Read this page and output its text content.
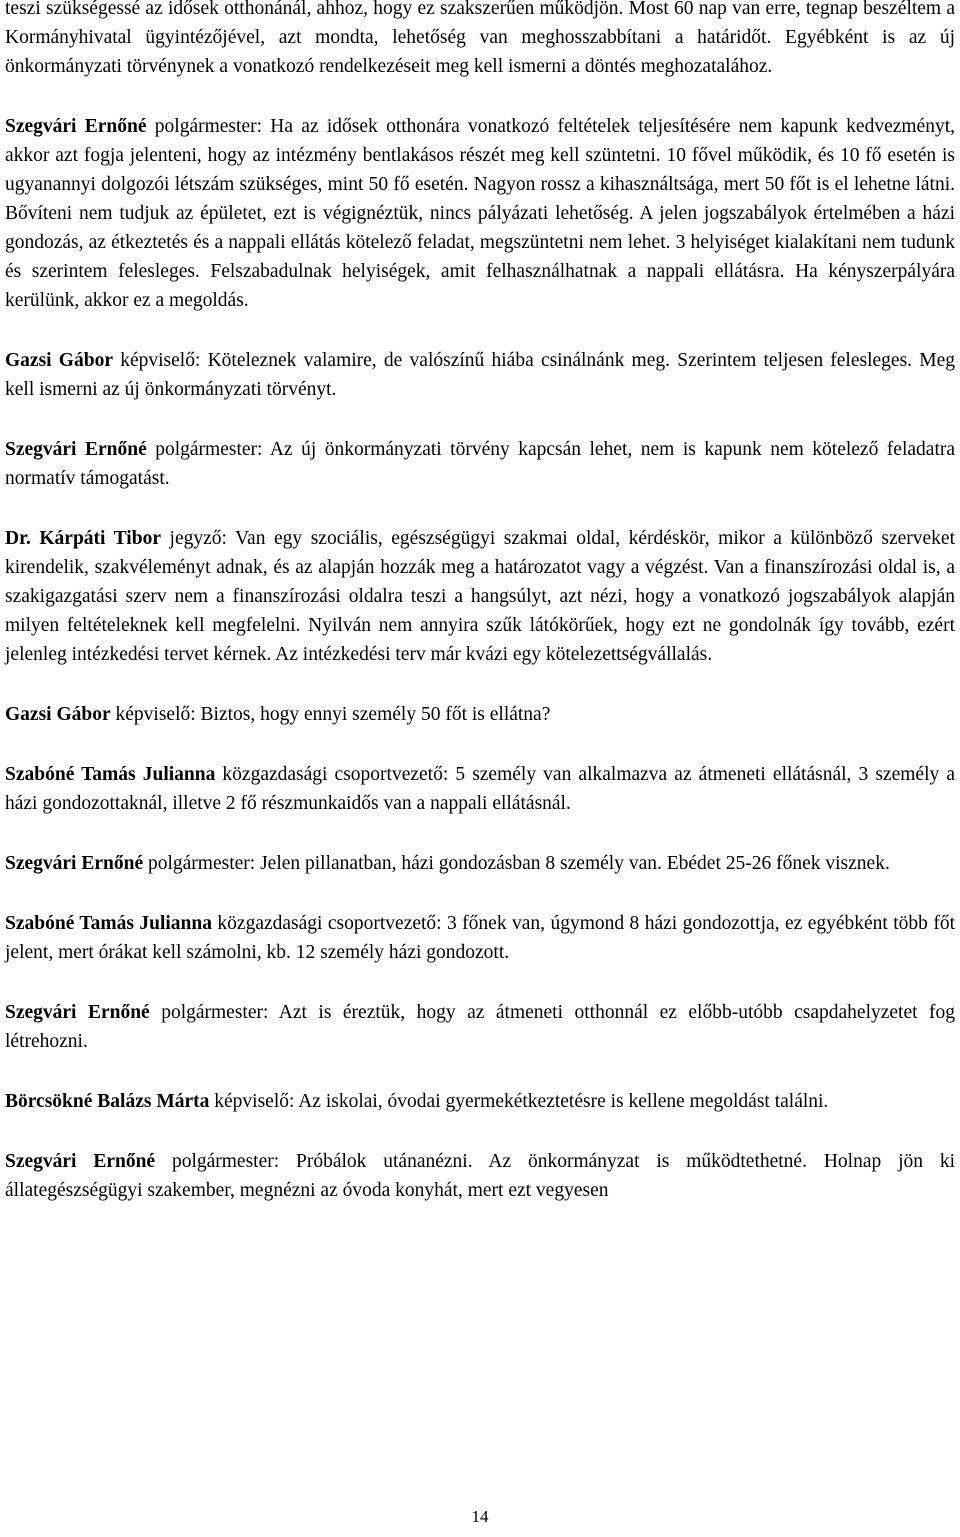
teszi szükségessé az idősek otthonánál, ahhoz, hogy ez szakszerűen működjön. Most 60 nap van erre, tegnap beszéltem a Kormányhivatal ügyintézőjével, azt mondta, lehetőség van meghosszabbítani a határidőt. Egyébként is az új önkormányzati törvénynek a vonatkozó rendelkezéseit meg kell ismerni a döntés meghozatalához.

Szegvári Ernőné polgármester: Ha az idősek otthonára vonatkozó feltételek teljesítésére nem kapunk kedvezményt, akkor azt fogja jelenteni, hogy az intézmény bentlakásos részét meg kell szüntetni. 10 fővel működik, és 10 fő esetén is ugyanannyi dolgozói létszám szükséges, mint 50 fő esetén. Nagyon rossz a kihasználtsága, mert 50 főt is el lehetne látni. Bővíteni nem tudjuk az épületet, ezt is végignéztük, nincs pályázati lehetőség. A jelen jogszabályok értelmében a házi gondozás, az étkeztetés és a nappali ellátás kötelező feladat, megszüntetni nem lehet. 3 helyiséget kialakítani nem tudunk és szerintem felesleges. Felszabadulnak helyiségek, amit felhasználhatnak a nappali ellátásra. Ha kényszerpályára kerülünk, akkor ez a megoldás.

Gazsi Gábor képviselő: Köteleznek valamire, de valószínű hiába csinálnánk meg. Szerintem teljesen felesleges. Meg kell ismerni az új önkormányzati törvényt.

Szegvári Ernőné polgármester: Az új önkormányzati törvény kapcsán lehet, nem is kapunk nem kötelező feladatra normatív támogatást.

Dr. Kárpáti Tibor jegyző: Van egy szociális, egészségügyi szakmai oldal, kérdéskör, mikor a különböző szerveket kirendelik, szakvéleményt adnak, és az alapján hozzák meg a határozatot vagy a végzést. Van a finanszírozási oldal is, a szakigazgatási szerv nem a finanszírozási oldalra teszi a hangsúlyt, azt nézi, hogy a vonatkozó jogszabályok alapján milyen feltételeknek kell megfelelni. Nyilván nem annyira szűk látókörűek, hogy ezt ne gondolnák így tovább, ezért jelenleg intézkedési tervet kérnek. Az intézkedési terv már kvázi egy kötelezettségvállalás.

Gazsi Gábor képviselő: Biztos, hogy ennyi személy 50 főt is ellátna?

Szabóné Tamás Julianna közgazdasági csoportvezető: 5 személy van alkalmazva az átmeneti ellátásnál, 3 személy a házi gondozottaknál, illetve 2 fő részmunkaidős van a nappali ellátásnál.

Szegvári Ernőné polgármester: Jelen pillanatban, házi gondozásban 8 személy van. Ebédet 25-26 főnek visznek.

Szabóné Tamás Julianna közgazdasági csoportvezető: 3 főnek van, úgymond 8 házi gondozottja, ez egyébként több főt jelent, mert órákat kell számolni, kb. 12 személy házi gondozott.

Szegvári Ernőné polgármester: Azt is éreztük, hogy az átmeneti otthonnál ez előbb-utóbb csapdahelyzetet fog létrehozni.

Börcsökné Balázs Márta képviselő: Az iskolai, óvodai gyermekétkeztetésre is kellene megoldást találni.

Szegvári Ernőné polgármester: Próbálok utánanézni. Az önkormányzat is működtethetné. Holnap jön ki állategészségügyi szakember, megnézni az óvoda konyhát, mert ezt vegyesen

14
